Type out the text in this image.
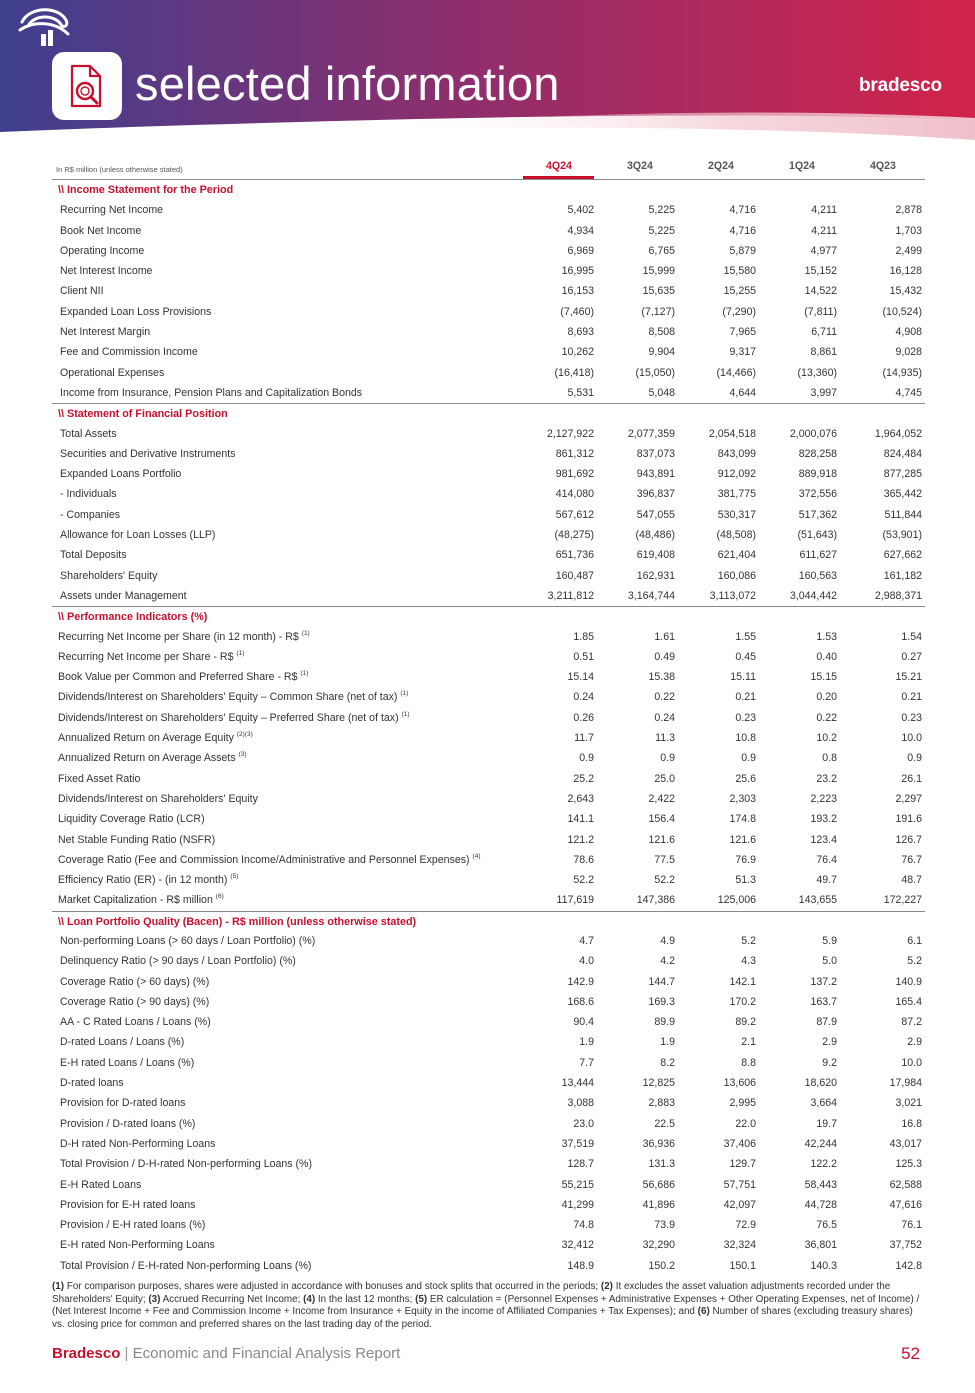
selected information	bradesco
In R$ million (unless otherwise stated)	4Q24	3Q24	2Q24	1Q24	4Q23
\\ Income Statement for the Period
Recurring Net Income	5,402	5,225	4,716	4,211	2,878
Book Net Income	4,934	5,225	4,716	4,211	1,703
Operating Income	6,969	6,765	5,879	4,977	2,499
Net Interest Income	16,995	15,999	15,580	15,152	16,128
Client NII	16,153	15,635	15,255	14,522	15,432
Expanded Loan Loss Provisions	(7,460)	(7,127)	(7,290)	(7,811)	(10,524)
Net Interest Margin	8,693	8,508	7,965	6,711	4,908
Fee and Commission Income	10,262	9,904	9,317	8,861	9,028
Operational Expenses	(16,418)	(15,050)	(14,466)	(13,360)	(14,935)
Income from Insurance, Pension Plans and Capitalization Bonds	5,531	5,048	4,644	3,997	4,745
\\ Statement of Financial Position
Total Assets	2,127,922	2,077,359	2,054,518	2,000,076	1,964,052
Securities and Derivative Instruments	861,312	837,073	843,099	828,258	824,484
Expanded Loans Portfolio	981,692	943,891	912,092	889,918	877,285
- Individuals	414,080	396,837	381,775	372,556	365,442
- Companies	567,612	547,055	530,317	517,362	511,844
Allowance for Loan Losses (LLP)	(48,275)	(48,486)	(48,508)	(51,643)	(53,901)
Total Deposits	651,736	619,408	621,404	611,627	627,662
Shareholders' Equity	160,487	162,931	160,086	160,563	161,182
Assets under Management	3,211,812	3,164,744	3,113,072	3,044,442	2,988,371
\\ Performance Indicators (%)
Recurring Net Income per Share (in 12 month) - R$ $^{(1)}$	1.85	1.61	1.55	1.53	1.54
Recurring Net Income per Share - R$ $^{(1)}$	0.51	0.49	0.45	0.40	0.27
Book Value per Common and Preferred Share - R$ $^{(1)}$	15.14	15.38	15.11	15.15	15.21
Dividends/Interest on Shareholders' Equity – Common Share (net of tax) $^{(1)}$	0.24	0.22	0.21	0.20	0.21
Dividends/Interest on Shareholders' Equity – Preferred Share (net of tax) $^{(1)}$	0.26	0.24	0.23	0.22	0.23
Annualized Return on Average Equity $^{(2)(3)}$	11.7	11.3	10.8	10.2	10.0
Annualized Return on Average Assets $^{(3)}$	0.9	0.9	0.9	0.8	0.9
Fixed Asset Ratio	25.2	25.0	25.6	23.2	26.1
Dividends/Interest on Shareholders' Equity	2,643	2,422	2,303	2,223	2,297
Liquidity Coverage Ratio (LCR)	141.1	156.4	174.8	193.2	191.6
Net Stable Funding Ratio (NSFR)	121.2	121.6	121.6	123.4	126.7
Coverage Ratio (Fee and Commission Income/Administrative and Personnel Expenses) $^{(4)}$	78.6	77.5	76.9	76.4	76.7
Efficiency Ratio (ER) - (in 12 month) $^{(5)}$	52.2	52.2	51.3	49.7	48.7
Market Capitalization - R$ million $^{(6)}$	117,619	147,386	125,006	143,655	172,227
\\ Loan Portfolio Quality (Bacen) - R$ million (unless otherwise stated)
Non-performing Loans (> 60 days / Loan Portfolio) (%)	4.7	4.9	5.2	5.9	6.1
Delinquency Ratio (> 90 days / Loan Portfolio) (%)	4.0	4.2	4.3	5.0	5.2
Coverage Ratio (> 60 days) (%)	142.9	144.7	142.1	137.2	140.9
Coverage Ratio (> 90 days) (%)	168.6	169.3	170.2	163.7	165.4
AA - C Rated Loans / Loans (%)	90.4	89.9	89.2	87.9	87.2
D-rated Loans / Loans (%)	1.9	1.9	2.1	2.9	2.9
E-H rated Loans / Loans (%)	7.7	8.2	8.8	9.2	10.0
D-rated loans	13,444	12,825	13,606	18,620	17,984
Provision for D-rated loans	3,088	2,883	2,995	3,664	3,021
Provision / D-rated loans (%)	23.0	22.5	22.0	19.7	16.8
D-H rated Non-Performing Loans	37,519	36,936	37,406	42,244	43,017
Total Provision / D-H-rated Non-performing Loans (%)	128.7	131.3	129.7	122.2	125.3
E-H Rated Loans	55,215	56,686	57,751	58,443	62,588
Provision for E-H rated loans	41,299	41,896	42,097	44,728	47,616
Provision / E-H rated loans (%)	74.8	73.9	72.9	76.5	76.1
E-H rated Non-Performing Loans	32,412	32,290	32,324	36,801	37,752
Total Provision / E-H-rated Non-performing Loans (%)	148.9	150.2	150.1	140.3	142.8
(1) For comparison purposes, shares were adjusted in accordance with bonuses and stock splits that occurred in the periods; (2) It excludes the asset valuation adjustments recorded under the Shareholders' Equity; (3) Accrued Recurring Net Income; (4) In the last 12 months; (5) ER calculation = (Personnel Expenses + Administrative Expenses + Other Operating Expenses, net of Income) / (Net Interest Income + Fee and Commission Income + Income from Insurance + Equity in the income of Affiliated Companies + Tax Expenses); and (6) Number of shares (excluding treasury shares) vs. closing price for common and preferred shares on the last trading day of the period.
Bradesco | Economic and Financial Analysis Report	52
